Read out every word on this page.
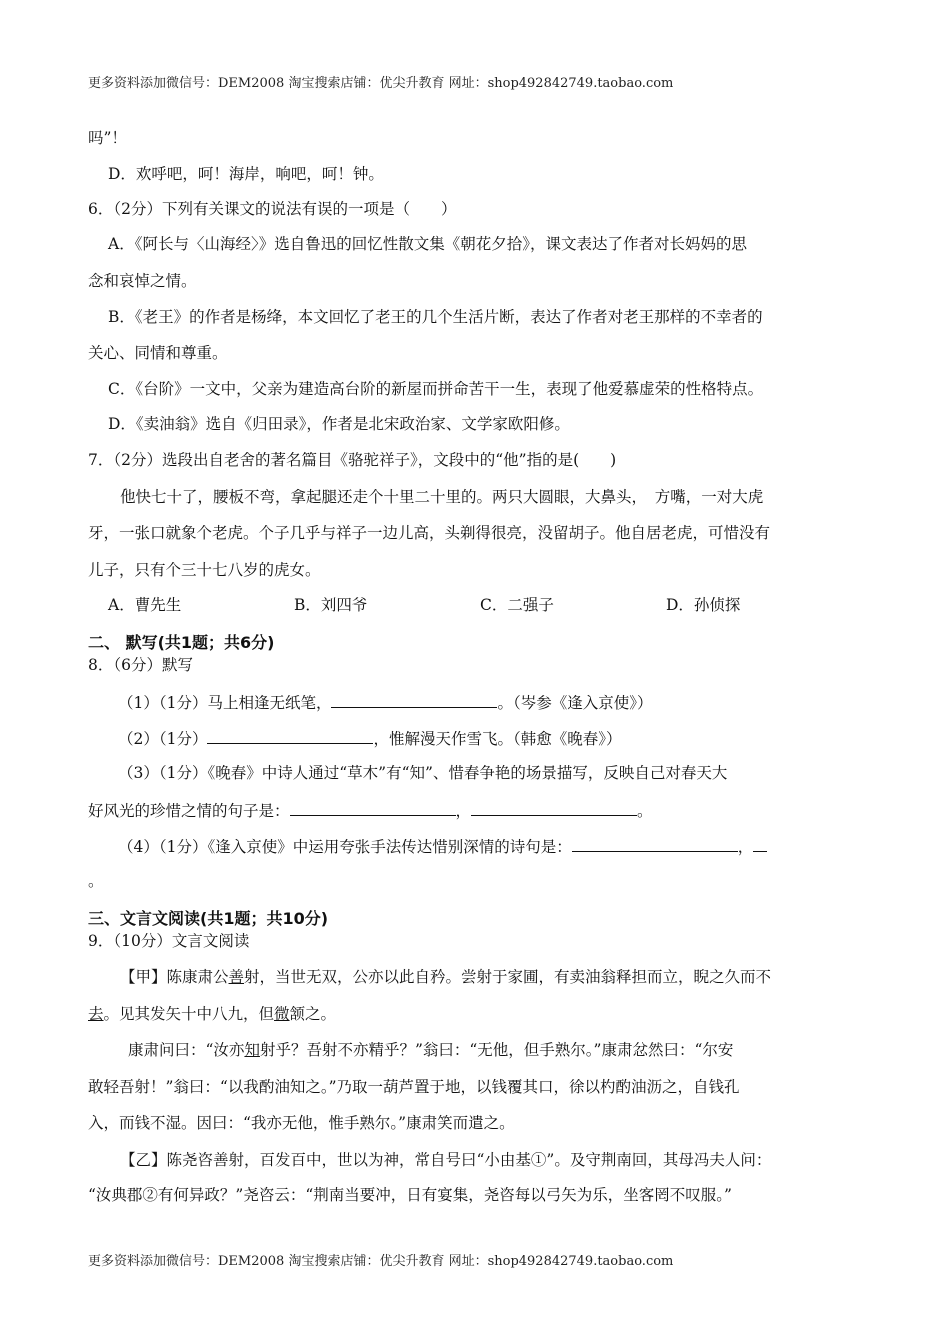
更多资料添加微信号：DEM2008 淘宝搜索店铺：优尖升教育 网址：shop492842749.taobao.com
吗”！
D．欢呼吧，呵！海岸，响吧，呵！钟。
6．（2分）下列有关课文的说法有误的一项是（　　）
A．《阿长与〈山海经〉》选自鲁迅的回忆性散文集《朝花夕拾》，课文表达了作者对长妈妈的思
念和哀悼之情。
B．《老王》的作者是杨绛，本文回忆了老王的几个生活片断，表达了作者对老王那样的不幸者的
关心、同情和尊重。
C．《台阶》一文中，父亲为建造高台阶的新屋而拼命苦干一生，表现了他爱慕虚荣的性格特点。
D．《卖油翁》选自《归田录》，作者是北宋政治家、文学家欧阳修。
7．（2分）选段出自老舍的著名篇目《骆驼祥子》，文段中的“他”指的是(　　)
他快七十了，腰板不弯，拿起腿还走个十里二十里的。两只大圆眼，大鼻头，　方嘴，一对大虎
牙，一张口就象个老虎。个子几乎与祥子一边儿高，头剃得很亮，没留胡子。他自居老虎，可惜没有
儿子，只有个三十七八岁的虎女。
A．曹先生	B．刘四爷	C．二强子	D．孙侦探
二、 默写(共1题；共6分)
8．（6分）默写
（1）（1分）马上相逢无纸笔，	。（岑参《逢入京使》）
（2）（1分）	，惟解漫天作雪飞。（韩愈《晚春》）
（3）（1分）《晚春》中诗人通过“草木”有“知”、惜春争艳的场景描写，反映自己对春天大
好风光的珍惜之情的句子是：	，	。
（4）（1分）《逢入京使》中运用夸张手法传达惜别深情的诗句是：	，
。
三、文言文阅读(共1题；共10分)
9．（10分）文言文阅读
【甲】陈康肃公善射，当世无双，公亦以此自矜。尝射于家圃，有卖油翁释担而立，睨之久而不
去。见其发矢十中八九，但微颔之。
康肃问曰：“汝亦知射乎？吾射不亦精乎？”翁曰：“无他，但手熟尔。”康肃忿然曰：“尔安
敢轻吾射！”翁曰：“以我酌油知之。”乃取一葫芦置于地，以钱覆其口，徐以杓酌油沥之，自钱孔
入，而钱不湿。因曰：“我亦无他，惟手熟尔。”康肃笑而遣之。
【乙】陈尧咨善射，百发百中，世以为神，常自号曰“小由基①”。及守荆南回，其母冯夫人问：
“汝典郡②有何异政？”尧咨云：“荆南当要冲，日有宴集，尧咨每以弓矢为乐，坐客罔不叹服。”
更多资料添加微信号：DEM2008 淘宝搜索店铺：优尖升教育 网址：shop492842749.taobao.com
